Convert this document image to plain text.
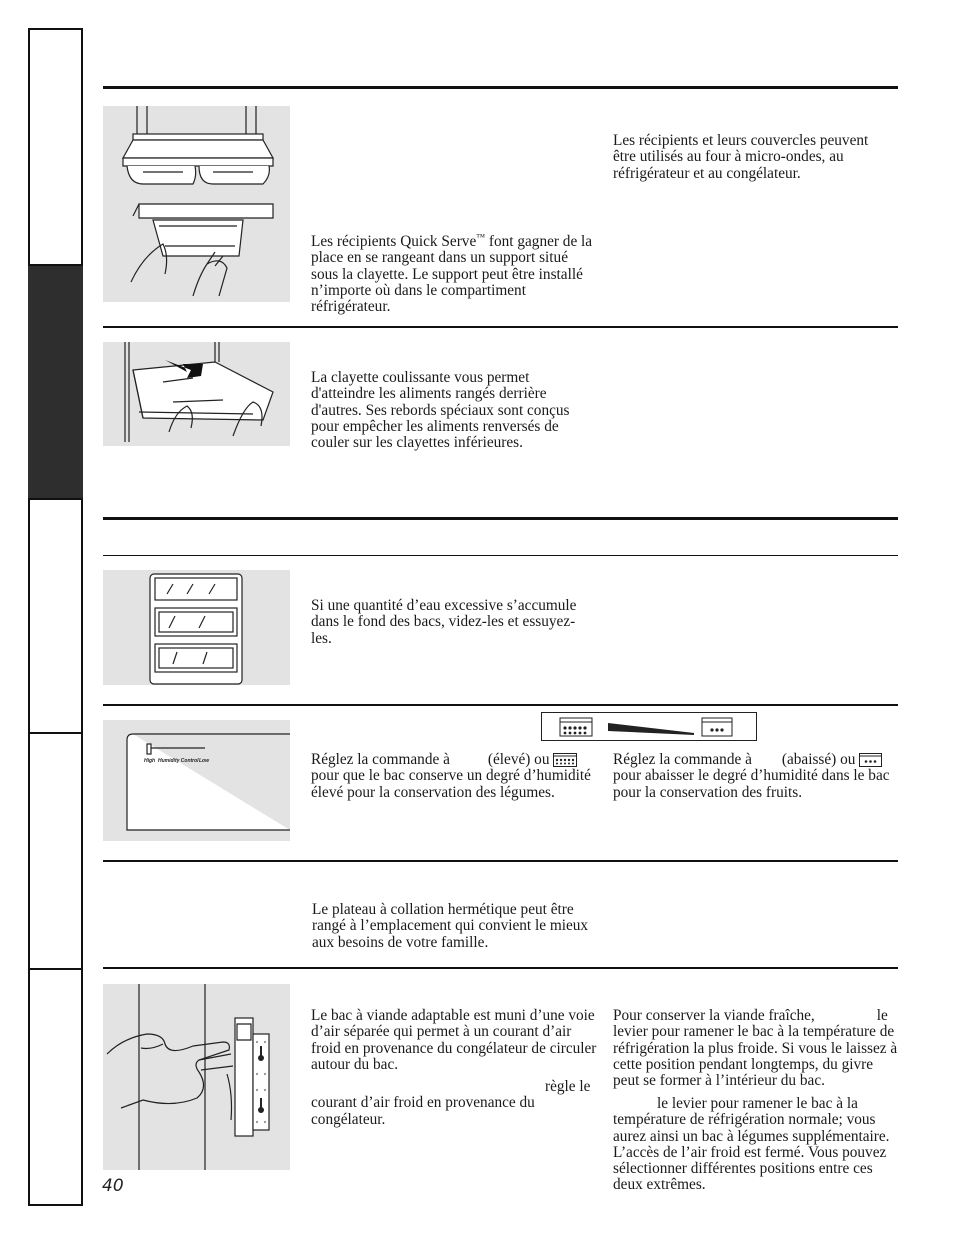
Les récipients et leurs couvercles peuvent être utilisés au four à micro-ondes, au réfrigérateur et au congélateur.
Les récipients Quick Serve™ font gagner de la place en se rangeant dans un support situé sous la clayette. Le support peut être installé n’importe où dans le compartiment réfrigérateur.
La clayette coulissante vous permet d'atteindre les aliments rangés derrière d'autres. Ses rebords spéciaux sont conçus pour empêcher les aliments renversés de couler sur les clayettes inférieures.
Si une quantité d’eau excessive s’accumule dans le fond des bacs, videz-les et essuyez-les.
High Humidity Control Low	Réglez la commande à (élevé) ou
pour que le bac conserve un degré d’humidité élevé pour la conservation des légumes.
Réglez la commande à (abaissé) ou
pour abaisser le degré d’humidité dans le bac pour la conservation des fruits.
Le plateau à collation hermétique peut être rangé à l’emplacement qui convient le mieux aux besoins de votre famille.
Le bac à viande adaptable est muni d’une voie d’air séparée qui permet à un courant d’air froid en provenance du congélateur de circuler autour du bac.
règle le
courant d’air froid en provenance du congélateur.
Pour conserver la viande fraîche,	le levier pour ramener le bac à la température de réfrigération la plus froide. Si vous le laissez à cette position pendant longtemps, du givre peut se former à l’intérieur du bac.
le levier pour ramener le bac à la température de réfrigération normale; vous aurez ainsi un bac à légumes supplémentaire. L’accès de l’air froid est fermé. Vous pouvez sélectionner différentes positions entre ces deux extrêmes.
40
